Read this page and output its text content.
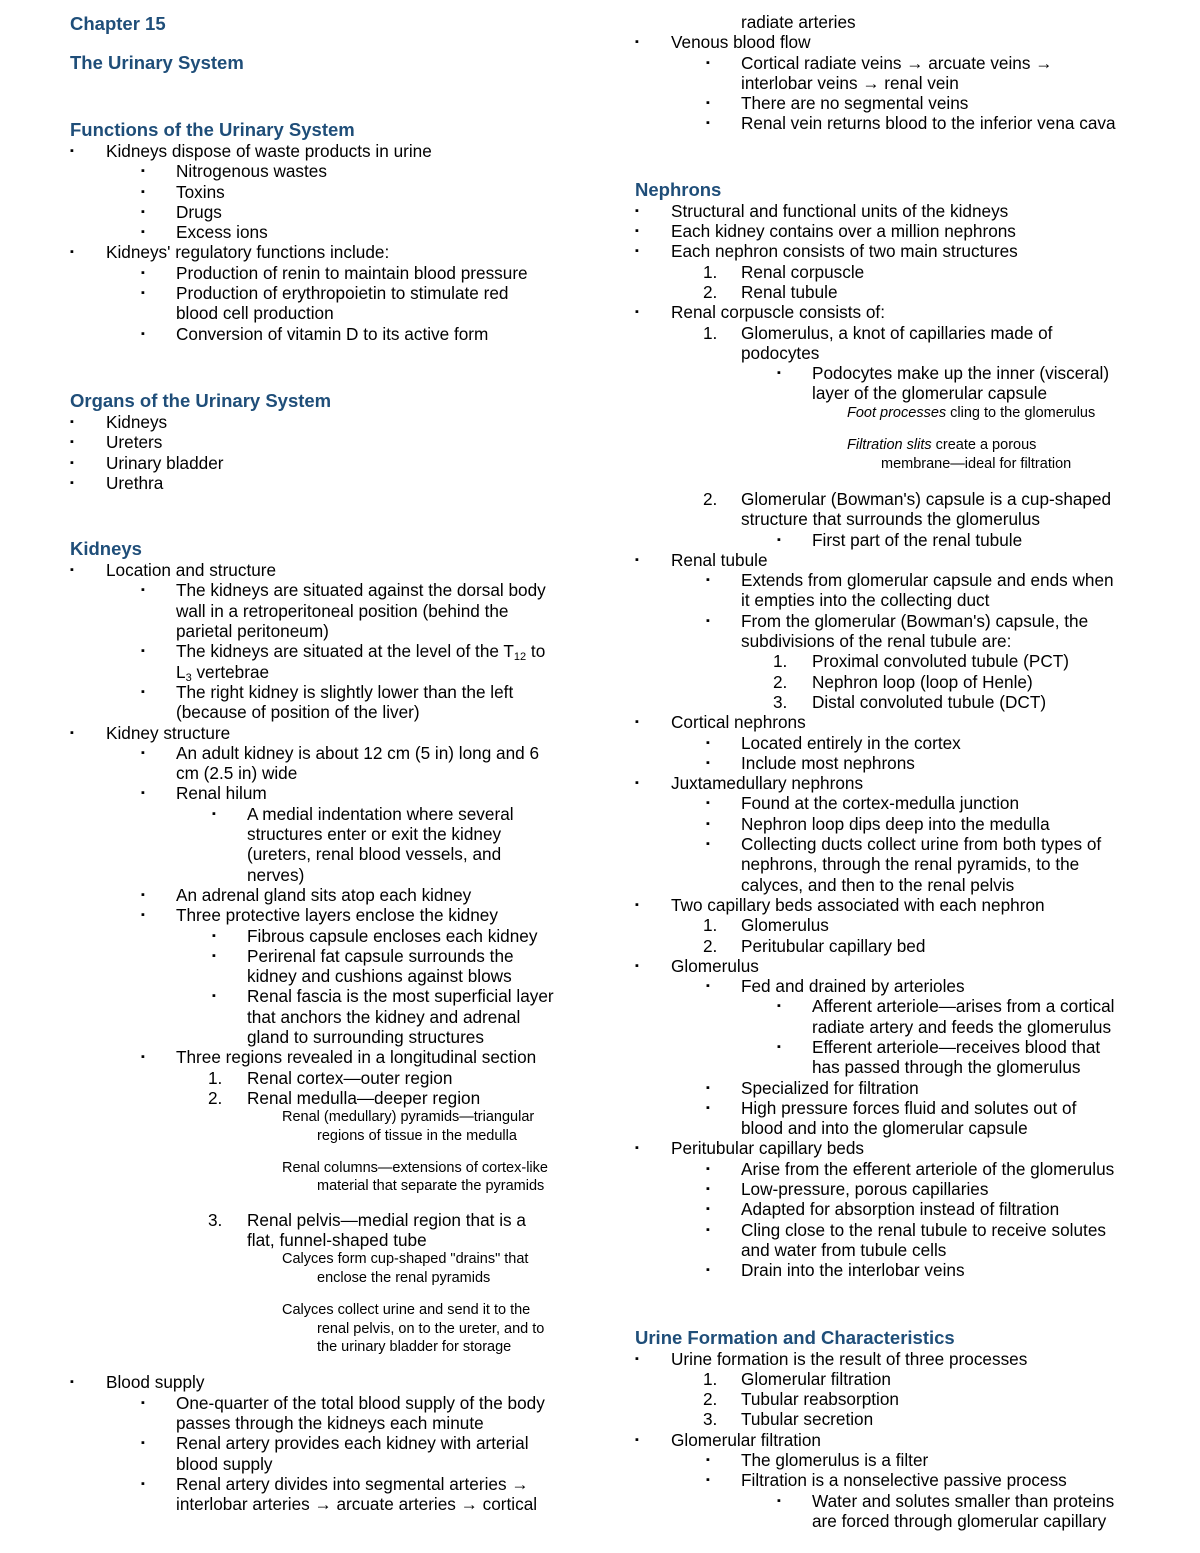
Chapter 15
The Urinary System
Functions of the Urinary System
▪ Kidneys dispose of waste products in urine
▪ Nitrogenous wastes
▪ Toxins
▪ Drugs
▪ Excess ions
▪ Kidneys' regulatory functions include:
▪ Production of renin to maintain blood pressure
▪ Production of erythropoietin to stimulate red
blood cell production
▪ Conversion of vitamin D to its active form
Organs of the Urinary System
▪ Kidneys
▪ Ureters
▪ Urinary bladder
▪ Urethra
Kidneys
▪ Location and structure
▪ The kidneys are situated against the dorsal body
wall in a retroperitoneal position (behind the
parietal peritoneum)
▪ The kidneys are situated at the level of the $T_{12}$ to
$L_3$ vertebrae
▪ The right kidney is slightly lower than the left
(because of position of the liver)
▪ Kidney structure
▪ An adult kidney is about 12 cm (5 in) long and 6
cm (2.5 in) wide
▪ Renal hilum
▪ A medial indentation where several
structures enter or exit the kidney
(ureters, renal blood vessels, and
nerves)
▪ An adrenal gland sits atop each kidney
▪ Three protective layers enclose the kidney
▪ Fibrous capsule encloses each kidney
▪ Perirenal fat capsule surrounds the
kidney and cushions against blows
▪ Renal fascia is the most superficial layer
that anchors the kidney and adrenal
gland to surrounding structures
▪ Three regions revealed in a longitudinal section
1. Renal cortex—outer region
2. Renal medulla—deeper region
Renal (medullary) pyramids—triangular
regions of tissue in the medulla
Renal columns—extensions of cortex-like
material that separate the pyramids
3. Renal pelvis—medial region that is a
flat, funnel-shaped tube
Calyces form cup-shaped "drains" that
enclose the renal pyramids
Calyces collect urine and send it to the
renal pelvis, on to the ureter, and to
the urinary bladder for storage
▪ Blood supply
▪ One-quarter of the total blood supply of the body
passes through the kidneys each minute
▪ Renal artery provides each kidney with arterial
blood supply
▪ Renal artery divides into segmental arteries →
interlobar arteries → arcuate arteries → cortical
radiate arteries
▪ Venous blood flow
▪ Cortical radiate veins → arcuate veins →
interlobar veins → renal vein
▪ There are no segmental veins
▪ Renal vein returns blood to the inferior vena cava
Nephrons
▪ Structural and functional units of the kidneys
▪ Each kidney contains over a million nephrons
▪ Each nephron consists of two main structures
1. Renal corpuscle
2. Renal tubule
▪ Renal corpuscle consists of:
1. Glomerulus, a knot of capillaries made of
podocytes
▪ Podocytes make up the inner (visceral)
layer of the glomerular capsule
Foot processes cling to the glomerulus
Filtration slits create a porous
membrane—ideal for filtration
2. Glomerular (Bowman's) capsule is a cup-shaped
structure that surrounds the glomerulus
▪ First part of the renal tubule
▪ Renal tubule
▪ Extends from glomerular capsule and ends when
it empties into the collecting duct
▪ From the glomerular (Bowman's) capsule, the
subdivisions of the renal tubule are:
1. Proximal convoluted tubule (PCT)
2. Nephron loop (loop of Henle)
3. Distal convoluted tubule (DCT)
▪ Cortical nephrons
▪ Located entirely in the cortex
▪ Include most nephrons
▪ Juxtamedullary nephrons
▪ Found at the cortex-medulla junction
▪ Nephron loop dips deep into the medulla
▪ Collecting ducts collect urine from both types of
nephrons, through the renal pyramids, to the
calyces, and then to the renal pelvis
▪ Two capillary beds associated with each nephron
1. Glomerulus
2. Peritubular capillary bed
▪ Glomerulus
▪ Fed and drained by arterioles
▪ Afferent arteriole—arises from a cortical
radiate artery and feeds the glomerulus
▪ Efferent arteriole—receives blood that
has passed through the glomerulus
▪ Specialized for filtration
▪ High pressure forces fluid and solutes out of
blood and into the glomerular capsule
▪ Peritubular capillary beds
▪ Arise from the efferent arteriole of the glomerulus
▪ Low-pressure, porous capillaries
▪ Adapted for absorption instead of filtration
▪ Cling close to the renal tubule to receive solutes
and water from tubule cells
▪ Drain into the interlobar veins
Urine Formation and Characteristics
▪ Urine formation is the result of three processes
1. Glomerular filtration
2. Tubular reabsorption
3. Tubular secretion
▪ Glomerular filtration
▪ The glomerulus is a filter
▪ Filtration is a nonselective passive process
▪ Water and solutes smaller than proteins
are forced through glomerular capillary
